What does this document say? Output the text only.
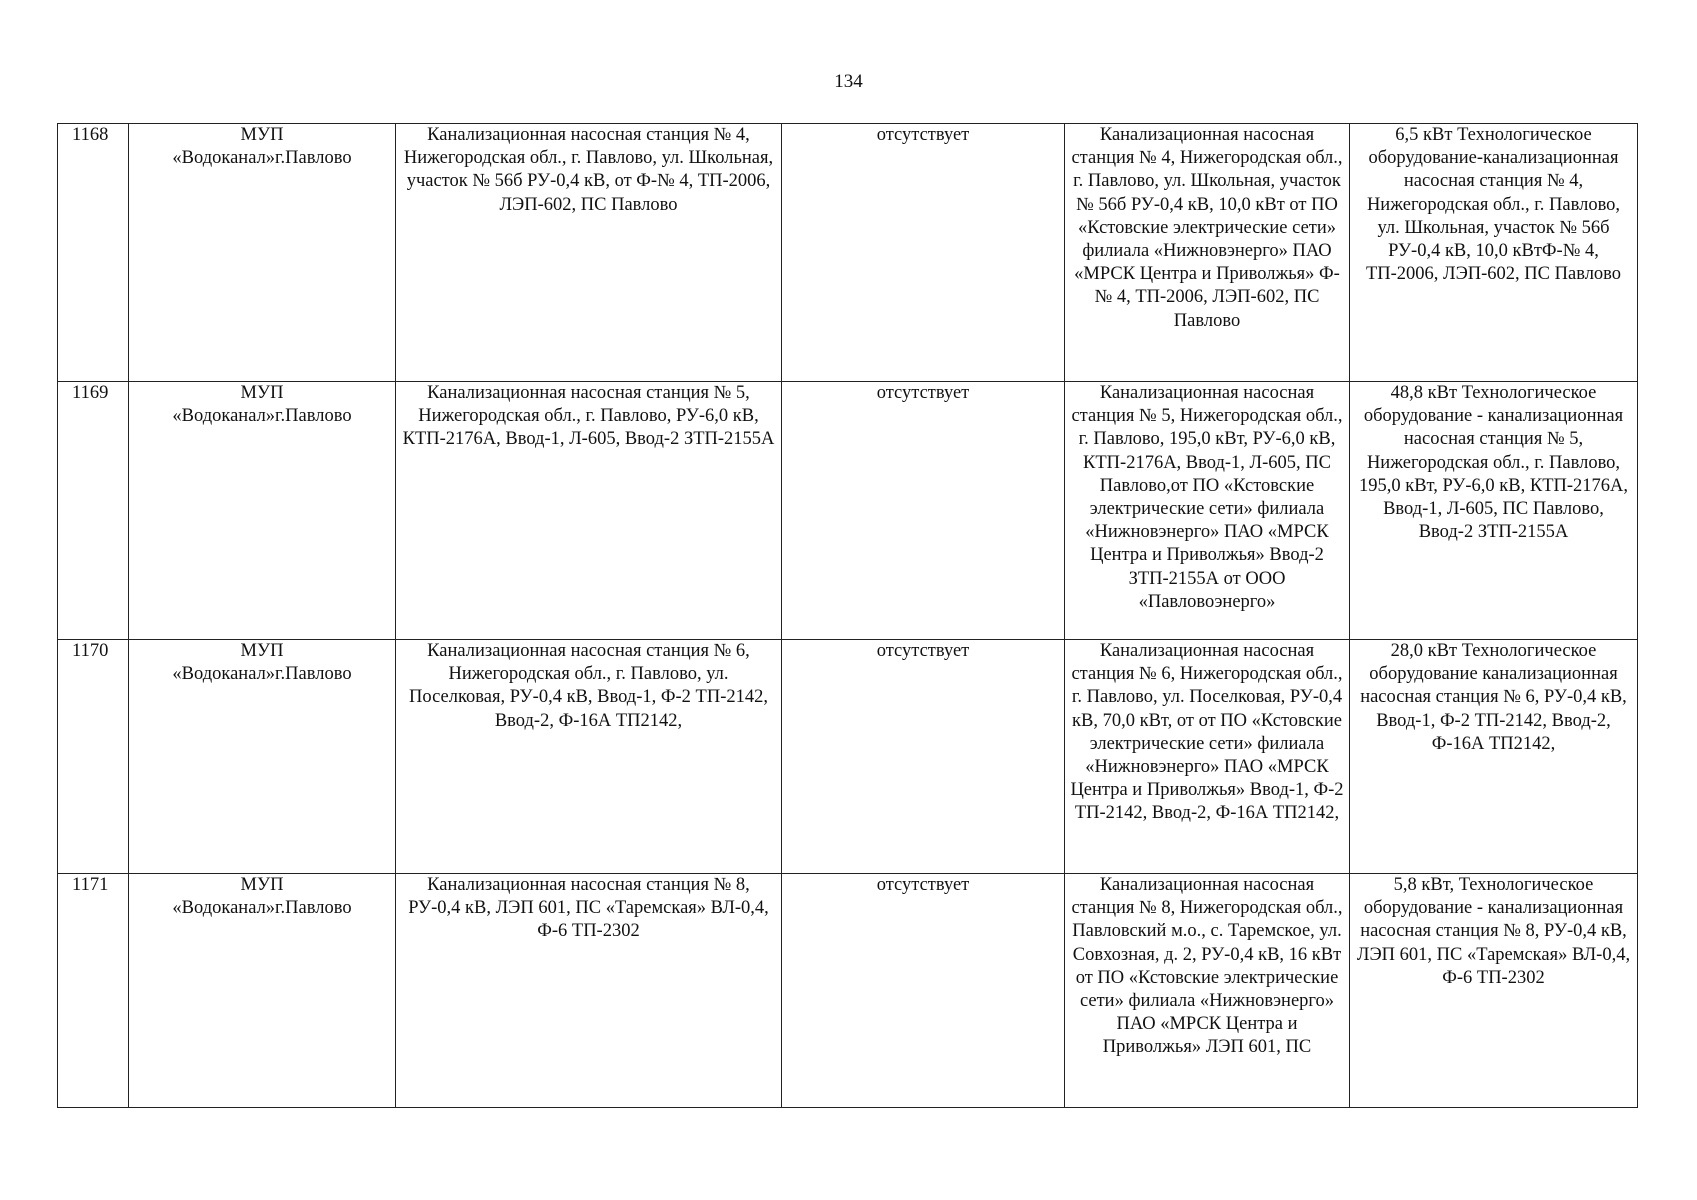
134
1168	МУП
«Водоканал»г.Павлово	Канализационная насосная станция № 4, Нижегородская обл., г. Павлово, ул. Школьная, участок № 56б РУ-0,4 кВ, от Ф-№ 4, ТП-2006, ЛЭП-602, ПС Павлово	отсутствует	Канализационная насосная станция № 4, Нижегородская обл., г. Павлово, ул. Школьная, участок № 56б РУ-0,4 кВ, 10,0 кВт от ПО «Кстовские электрические сети» филиала «Нижновэнерго» ПАО «МРСК Центра и Приволжья» Ф-№ 4, ТП-2006, ЛЭП-602, ПС Павлово	6,5 кВт Технологическое оборудование-канализационная насосная станция № 4, Нижегородская обл., г. Павлово, ул. Школьная, участок № 56б РУ-0,4 кВ, 10,0 кВтФ-№ 4, ТП-2006, ЛЭП-602, ПС Павлово
1169	МУП
«Водоканал»г.Павлово	Канализационная насосная станция № 5, Нижегородская обл., г. Павлово, РУ-6,0 кВ, КТП-2176А, Ввод-1, Л-605, Ввод-2 ЗТП-2155А	отсутствует	Канализационная насосная станция № 5, Нижегородская обл., г. Павлово, 195,0 кВт, РУ-6,0 кВ, КТП-2176А, Ввод-1, Л-605, ПС Павлово,от ПО «Кстовские электрические сети» филиала «Нижновэнерго» ПАО «МРСК Центра и Приволжья» Ввод-2 ЗТП-2155А от ООО «Павловоэнерго»	48,8 кВт Технологическое оборудование - канализационная насосная станция № 5, Нижегородская обл., г. Павлово, 195,0 кВт, РУ-6,0 кВ, КТП-2176А, Ввод-1, Л-605, ПС Павлово, Ввод-2 ЗТП-2155А
1170	МУП
«Водоканал»г.Павлово	Канализационная насосная станция № 6, Нижегородская обл., г. Павлово, ул. Поселковая, РУ-0,4 кВ, Ввод-1, Ф-2 ТП-2142, Ввод-2, Ф-16А ТП2142,	отсутствует	Канализационная насосная станция № 6, Нижегородская обл., г. Павлово, ул. Поселковая, РУ-0,4 кВ, 70,0 кВт, от от ПО «Кстовские электрические сети» филиала «Нижновэнерго» ПАО «МРСК Центра и Приволжья» Ввод-1, Ф-2 ТП-2142, Ввод-2, Ф-16А ТП2142,	28,0 кВт Технологическое оборудование канализационная насосная станция № 6, РУ-0,4 кВ, Ввод-1, Ф-2 ТП-2142, Ввод-2, Ф-16А ТП2142,
1171	МУП
«Водоканал»г.Павлово	Канализационная насосная станция № 8, РУ-0,4 кВ, ЛЭП 601, ПС «Таремская» ВЛ-0,4, Ф-6 ТП-2302	отсутствует	Канализационная насосная станция № 8, Нижегородская обл., Павловский м.о., с. Таремское, ул. Совхозная, д. 2, РУ-0,4 кВ, 16 кВт от ПО «Кстовские электрические сети» филиала «Нижновэнерго» ПАО «МРСК Центра и Приволжья» ЛЭП 601, ПС	5,8 кВт, Технологическое оборудование - канализационная насосная станция № 8, РУ-0,4 кВ, ЛЭП 601, ПС «Таремская» ВЛ-0,4, Ф-6 ТП-2302
